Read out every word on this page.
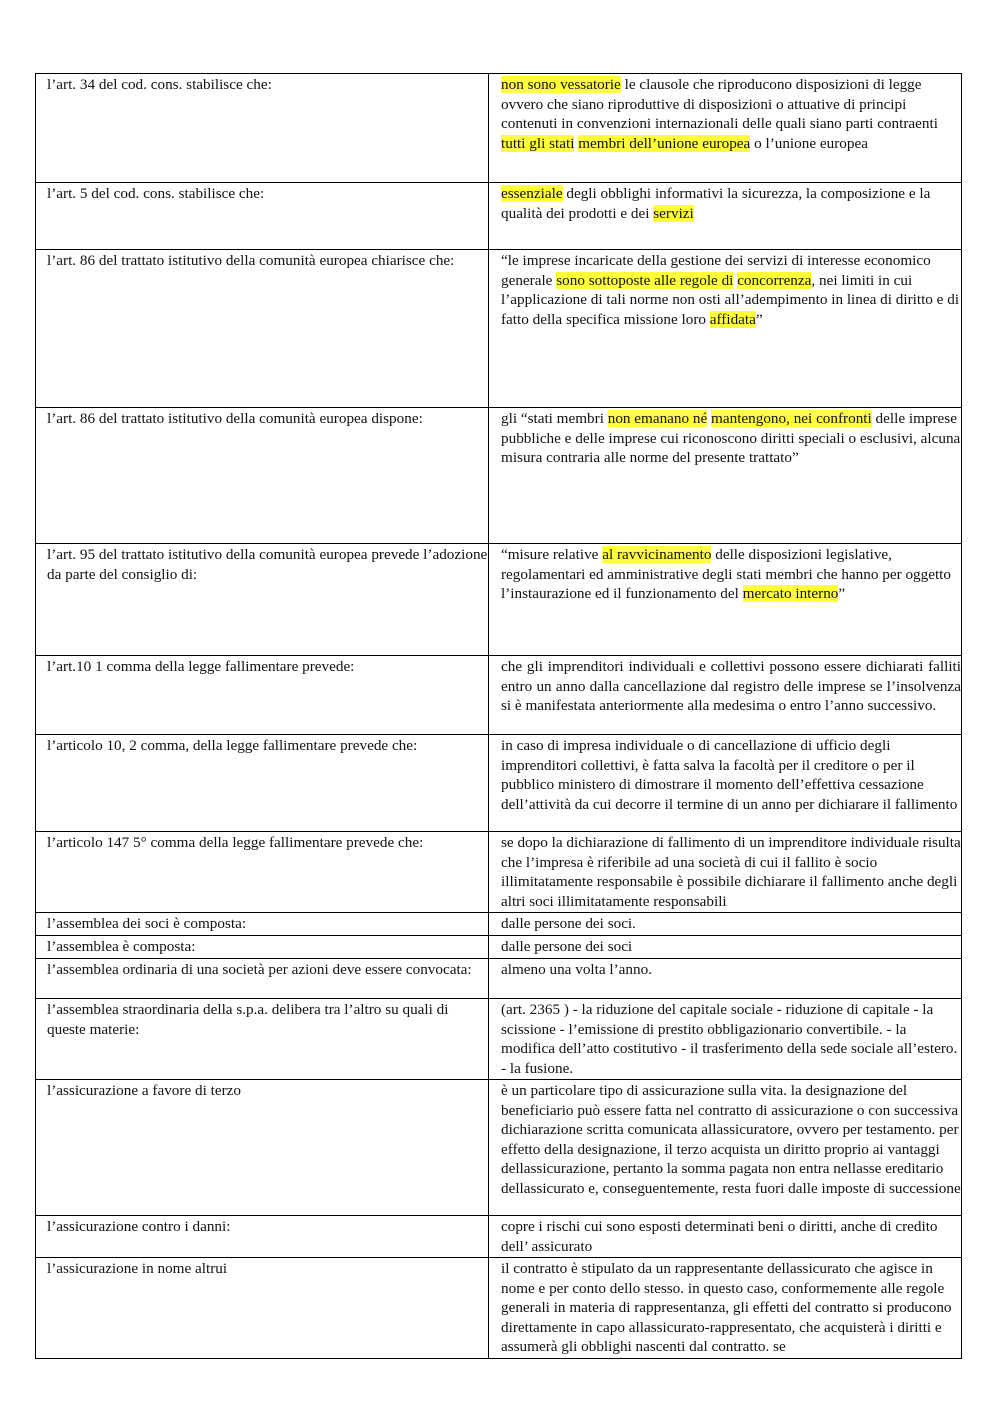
l’art. 34 del cod. cons. stabilisce che:	non sono vessatorie le clausole che riproducono disposizioni di legge ovvero che siano riproduttive di disposizioni o attuative di principi contenuti in convenzioni internazionali delle quali siano parti contraenti tutti gli stati membri dell’unione europea o l’unione europea
l’art. 5 del cod. cons. stabilisce che:	essenziale degli obblighi informativi la sicurezza, la composizione e la qualità dei prodotti e dei servizi
l’art. 86 del trattato istitutivo della comunità europea chiarisce che:	“le imprese incaricate della gestione dei servizi di interesse economico generale sono sottoposte alle regole di concorrenza, nei limiti in cui l’applicazione di tali norme non osti all’adempimento in linea di diritto e di fatto della specifica missione loro affidata”
l’art. 86 del trattato istitutivo della comunità europea dispone:	gli “stati membri non emanano né mantengono, nei confronti delle imprese pubbliche e delle imprese cui riconoscono diritti speciali o esclusivi, alcuna misura contraria alle norme del presente trattato”
l’art. 95 del trattato istitutivo della comunità europea prevede l’adozione da parte del consiglio di:	“misure relative al ravvicinamento delle disposizioni legislative, regolamentari ed amministrative degli stati membri che hanno per oggetto l’instaurazione ed il funzionamento del mercato interno”
l’art.10 1 comma della legge fallimentare prevede:	che gli imprenditori individuali e collettivi possono essere dichiarati falliti entro un anno dalla cancellazione dal registro delle imprese se l’insolvenza si è manifestata anteriormente alla medesima o entro l’anno successivo.
l’articolo 10, 2 comma, della legge fallimentare prevede che:	in caso di impresa individuale o di cancellazione di ufficio degli imprenditori collettivi, è fatta salva la facoltà per il creditore o per il pubblico ministero di dimostrare il momento dell’effettiva cessazione dell’attività da cui decorre il termine di un anno per dichiarare il fallimento
l’articolo 147 5° comma della legge fallimentare prevede che:	se dopo la dichiarazione di fallimento di un imprenditore individuale risulta che l’impresa è riferibile ad una società di cui il fallito è socio illimitatamente responsabile è possibile dichiarare il fallimento anche degli altri soci illimitatamente responsabili
l’assemblea dei soci è composta:	dalle persone dei soci.
l’assemblea è composta:	dalle persone dei soci
l’assemblea ordinaria di una società per azioni deve essere convocata:	almeno una volta l’anno.
l’assemblea straordinaria della s.p.a. delibera tra l’altro su quali di queste materie:	(art. 2365 ) - la riduzione del capitale sociale - riduzione di capitale - la scissione - l’emissione di prestito obbligazionario convertibile. - la modifica dell’atto costitutivo - il trasferimento della sede sociale all’estero. - la fusione.
l’assicurazione a favore di terzo	è un particolare tipo di assicurazione sulla vita. la designazione del beneficiario può essere fatta nel contratto di assicurazione o con successiva dichiarazione scritta comunicata allassicuratore, ovvero per testamento. per effetto della designazione, il terzo acquista un diritto proprio ai vantaggi dellassicurazione, pertanto la somma pagata non entra nellasse ereditario dellassicurato e, conseguentemente, resta fuori dalle imposte di successione
l’assicurazione contro i danni:	copre i rischi cui sono esposti determinati beni o diritti, anche di credito dell’ assicurato
l’assicurazione in nome altrui	il contratto è stipulato da un rappresentante dellassicurato che agisce in nome e per conto dello stesso. in questo caso, conformemente alle regole generali in materia di rappresentanza, gli effetti del contratto si producono direttamente in capo allassicurato-rappresentato, che acquisterà i diritti e assumerà gli obblighi nascenti dal contratto. se
